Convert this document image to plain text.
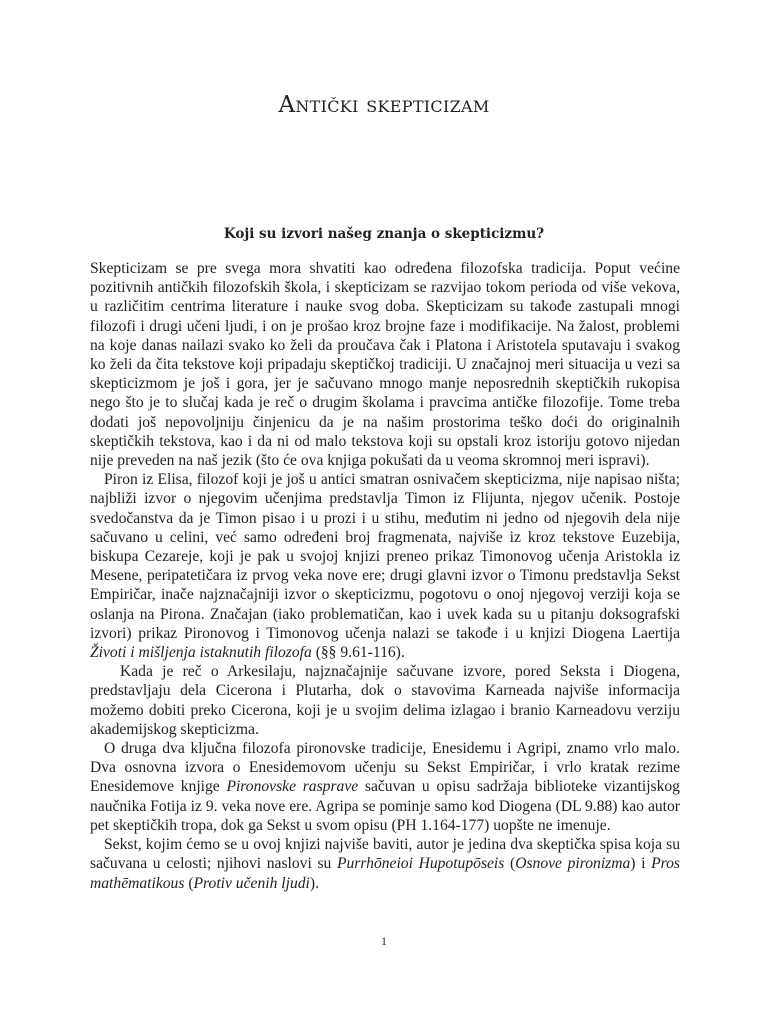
Antički skepticizam
Koji su izvori našeg znanja o skepticizmu?

Skepticizam se pre svega mora shvatiti kao određena filozofska tradicija. Poput većine pozitivnih antičkih filozofskih škola, i skepticizam se razvijao tokom perioda od više vekova, u različitim centrima literature i nauke svog doba. Skepticizam su takođe zastupali mnogi filozofi i drugi učeni ljudi, i on je prošao kroz brojne faze i modifikacije. Na žalost, problemi na koje danas nailazi svako ko želi da proučava čak i Platona i Aristotela sputavaju i svakog ko želi da čita tekstove koji pripadaju skeptičkoj tradiciji. U značajnoj meri situacija u vezi sa skepticizmom je još i gora, jer je sačuvano mnogo manje neposrednih skeptičkih rukopisa nego što je to slučaj kada je reč o drugim školama i pravcima antičke filozofije. Tome treba dodati još nepovoljniju činjenicu da je na našim prostorima teško doći do originalnih skeptičkih tekstova, kao i da ni od malo tekstova koji su opstali kroz istoriju gotovo nijedan nije preveden na naš jezik (što će ova knjiga pokušati da u veoma skromnoj meri ispravi).

Piron iz Elisa, filozof koji je još u antici smatran osnivačem skepticizma, nije napisao ništa; najbliži izvor o njegovim učenjima predstavlja Timon iz Flijunta, njegov učenik. Postoje svedočanstva da je Timon pisao i u prozi i u stihu, međutim ni jedno od njegovih dela nije sačuvano u celini, već samo određeni broj fragmenata, najviše iz kroz tekstove Euzebija, biskupa Cezareje, koji je pak u svojoj knjizi preneo prikaz Timonovog učenja Aristokla iz Mesene, peripatetičara iz prvog veka nove ere; drugi glavni izvor o Timonu predstavlja Sekst Empiričar, inače najznačajniji izvor o skepticizmu, pogotovu o onoj njegovoj verziji koja se oslanja na Pirona. Značajan (iako problematičan, kao i uvek kada su u pitanju doksografski izvori) prikaz Pironovog i Timonovog učenja nalazi se takođe i u knjizi Diogena Laertija Životi i mišljenja istaknutih filozofa (§§ 9.61-116).

Kada je reč o Arkesilaju, najznačajnije sačuvane izvore, pored Seksta i Diogena, predstavljaju dela Cicerona i Plutarha, dok o stavovima Karneada najviše informacija možemo dobiti preko Cicerona, koji je u svojim delima izlagao i branio Karneadovu verziju akademijskog skepticizma.

O druga dva ključna filozofa pironovske tradicije, Enesidemu i Agripi, znamo vrlo malo. Dva osnovna izvora o Enesidemovom učenju su Sekst Empiričar, i vrlo kratak rezime Enesidemove knjige Pironovske rasprave sačuvan u opisu sadržaja biblioteke vizantijskog naučnika Fotija iz 9. veka nove ere. Agripa se pominje samo kod Diogena (DL 9.88) kao autor pet skeptičkih tropa, dok ga Sekst u svom opisu (PH 1.164-177) uopšte ne imenuje.

Sekst, kojim ćemo se u ovoj knjizi najviše baviti, autor je jedina dva skeptička spisa koja su sačuvana u celosti; njihovi naslovi su Purrhōneioi Hupotupōseis (Osnove pironizma) i Pros mathēmatikous (Protiv učenih ljudi).

1
